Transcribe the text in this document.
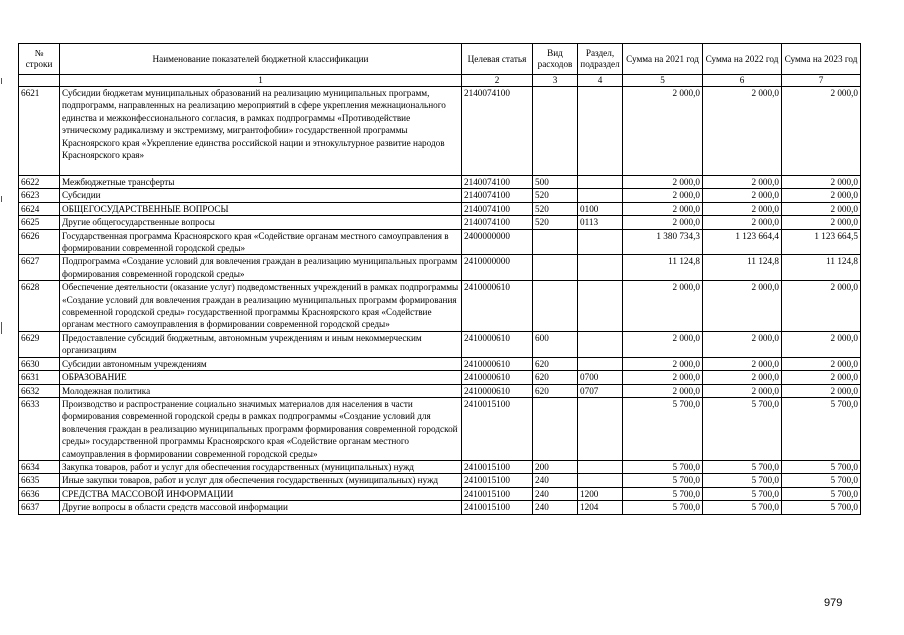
№ строки	Наименование показателей бюджетной классификации	Целевая статья	Вид расходов	Раздел, подраздел	Сумма на 2021 год	Сумма на 2022 год	Сумма на 2023 год
	1	2	3	4	5	6	7
6621	Субсидии бюджетам муниципальных образований на реализацию муниципальных программ, подпрограмм, направленных на реализацию мероприятий в сфере укрепления межнационального единства и межконфессионального согласия, в рамках подпрограммы «Противодействие этническому радикализму и экстремизму, мигрантофобии» государственной программы Красноярского края «Укрепление единства российской нации и этнокультурное развитие народов Красноярского края»	2140074100			2 000,0	2 000,0	2 000,0
6622	Межбюджетные трансферты	2140074100	500		2 000,0	2 000,0	2 000,0
6623	Субсидии	2140074100	520		2 000,0	2 000,0	2 000,0
6624	ОБЩЕГОСУДАРСТВЕННЫЕ ВОПРОСЫ	2140074100	520	0100	2 000,0	2 000,0	2 000,0
6625	Другие общегосударственные вопросы	2140074100	520	0113	2 000,0	2 000,0	2 000,0
6626	Государственная программа Красноярского края «Содействие органам местного самоуправления в формировании современной городской среды»	2400000000			1 380 734,3	1 123 664,4	1 123 664,5
6627	Подпрограмма «Создание условий для вовлечения граждан в реализацию муниципальных программ формирования современной городской среды»	2410000000			11 124,8	11 124,8	11 124,8
6628	Обеспечение деятельности (оказание услуг) подведомственных учреждений в рамках подпрограммы «Создание условий для вовлечения граждан в реализацию муниципальных программ формирования современной городской среды» государственной программы Красноярского края «Содействие органам местного самоуправления в формировании современной городской среды»	2410000610			2 000,0	2 000,0	2 000,0
6629	Предоставление субсидий бюджетным, автономным учреждениям и иным некоммерческим организациям	2410000610	600		2 000,0	2 000,0	2 000,0
6630	Субсидии автономным учреждениям	2410000610	620		2 000,0	2 000,0	2 000,0
6631	ОБРАЗОВАНИЕ	2410000610	620	0700	2 000,0	2 000,0	2 000,0
6632	Молодежная политика	2410000610	620	0707	2 000,0	2 000,0	2 000,0
6633	Производство и распространение социально значимых материалов для населения в части формирования современной городской среды в рамках подпрограммы «Создание условий для вовлечения граждан в реализацию муниципальных программ формирования современной городской среды» государственной программы Красноярского края «Содействие органам местного самоуправления в формировании современной городской среды»	2410015100			5 700,0	5 700,0	5 700,0
6634	Закупка товаров, работ и услуг для обеспечения государственных (муниципальных) нужд	2410015100	200		5 700,0	5 700,0	5 700,0
6635	Иные закупки товаров, работ и услуг для обеспечения государственных (муниципальных) нужд	2410015100	240		5 700,0	5 700,0	5 700,0
6636	СРЕДСТВА МАССОВОЙ ИНФОРМАЦИИ	2410015100	240	1200	5 700,0	5 700,0	5 700,0
6637	Другие вопросы в области средств массовой информации	2410015100	240	1204	5 700,0	5 700,0	5 700,0
979
